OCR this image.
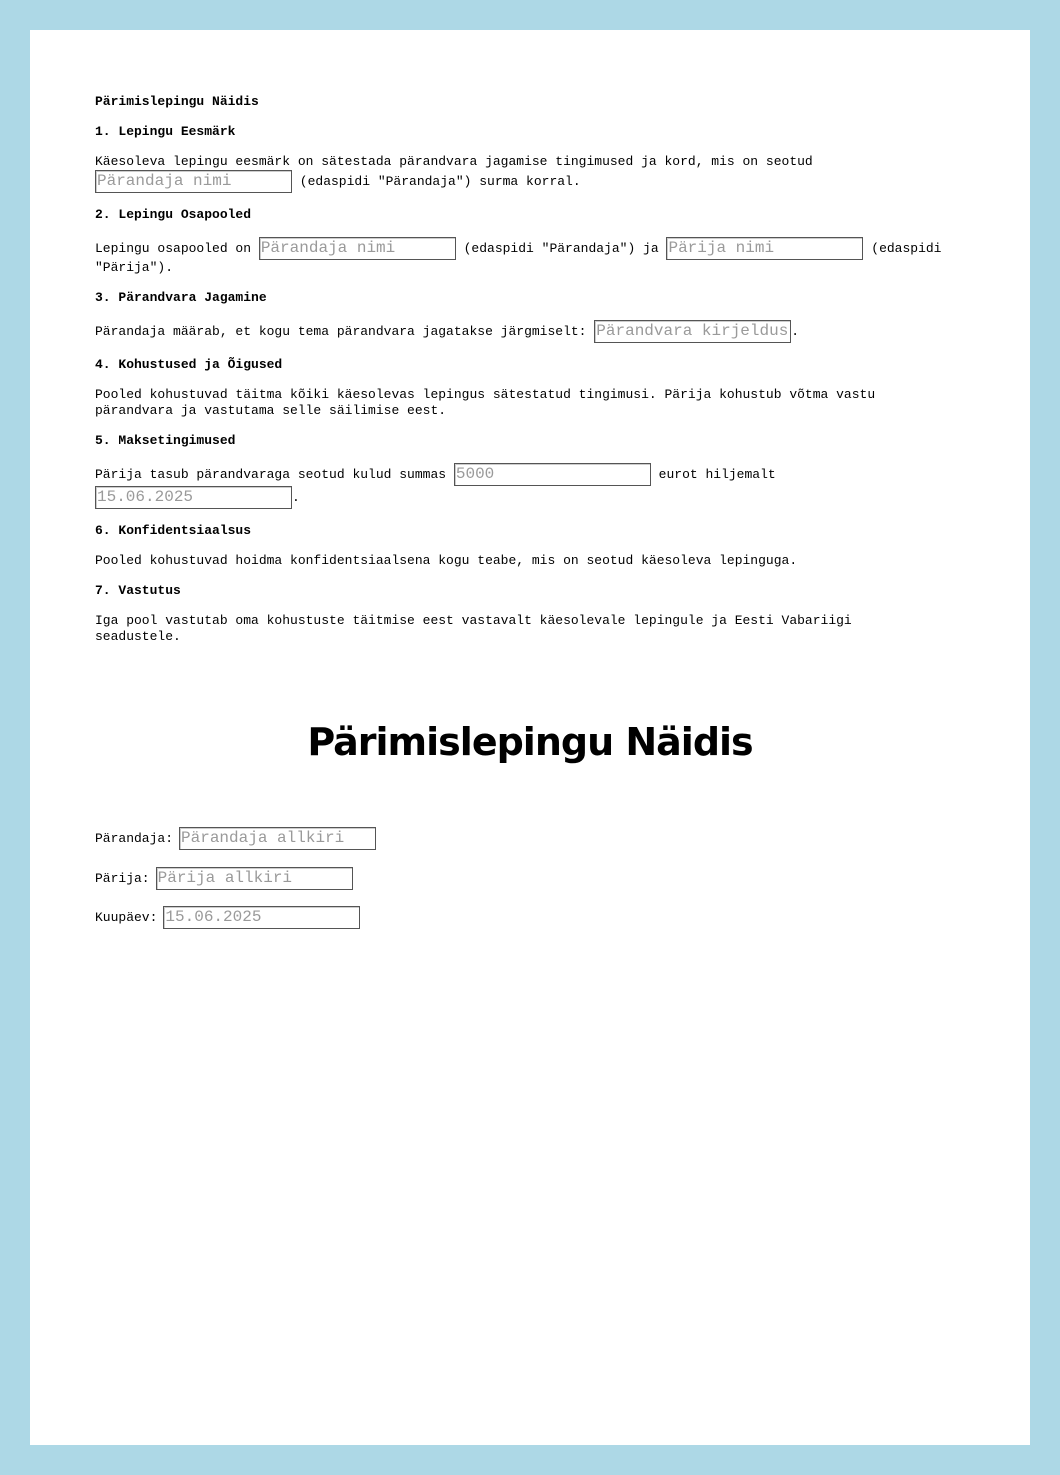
Pärimislepingu Näidis
1. Lepingu Eesmärk
Käesoleva lepingu eesmärk on sätestada pärandvara jagamise tingimused ja kord, mis on seotud
Pärandaja nimi	(edaspidi "Pärandaja") surma korral.
2. Lepingu Osapooled
Lepingu osapooled on Pärandaja nimi	(edaspidi "Pärandaja") ja Pärija nimi	(edaspidi "Pärija").
3. Pärandvara Jagamine
Pärandaja määrab, et kogu tema pärandvara jagatakse järgmiselt: Pärandvara kirjeldus .
4. Kohustused ja Õigused
Pooled kohustuvad täitma kõiki käesolevas lepingus sätestatud tingimusi. Pärija kohustub võtma vastu pärandvara ja vastutama selle säilimise eest.
5. Maksetingimused
Pärija tasub pärandvaraga seotud kulud summas 5000	eurot hiljemalt
15.06.2025	.
6. Konfidentsiaalsus
Pooled kohustuvad hoidma konfidentsiaalsena kogu teabe, mis on seotud käesoleva lepinguga.
7. Vastutus
Iga pool vastutab oma kohustuste täitmise eest vastavalt käesolevale lepingule ja Eesti Vabariigi seadustele.
Pärimislepingu Näidis
Pärandaja: Pärandaja allkiri
Pärija: Pärija allkiri
Kuupäev: 15.06.2025
